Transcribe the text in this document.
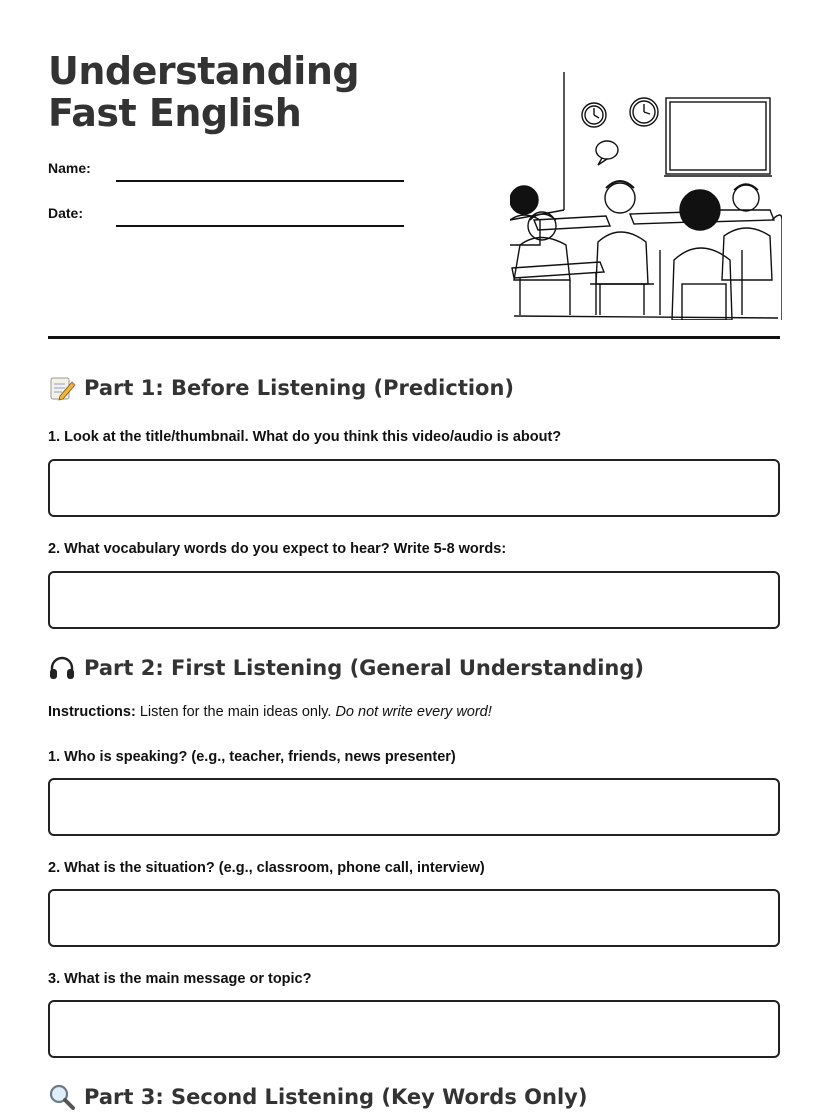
Understanding Fast English
Name:
Date:
Part 1: Before Listening (Prediction)
1. Look at the title/thumbnail. What do you think this video/audio is about?
2. What vocabulary words do you expect to hear? Write 5-8 words:
Part 2: First Listening (General Understanding)
Instructions: Listen for the main ideas only. Do not write every word!
1. Who is speaking? (e.g., teacher, friends, news presenter)
2. What is the situation? (e.g., classroom, phone call, interview)
3. What is the main message or topic?
Part 3: Second Listening (Key Words Only)
